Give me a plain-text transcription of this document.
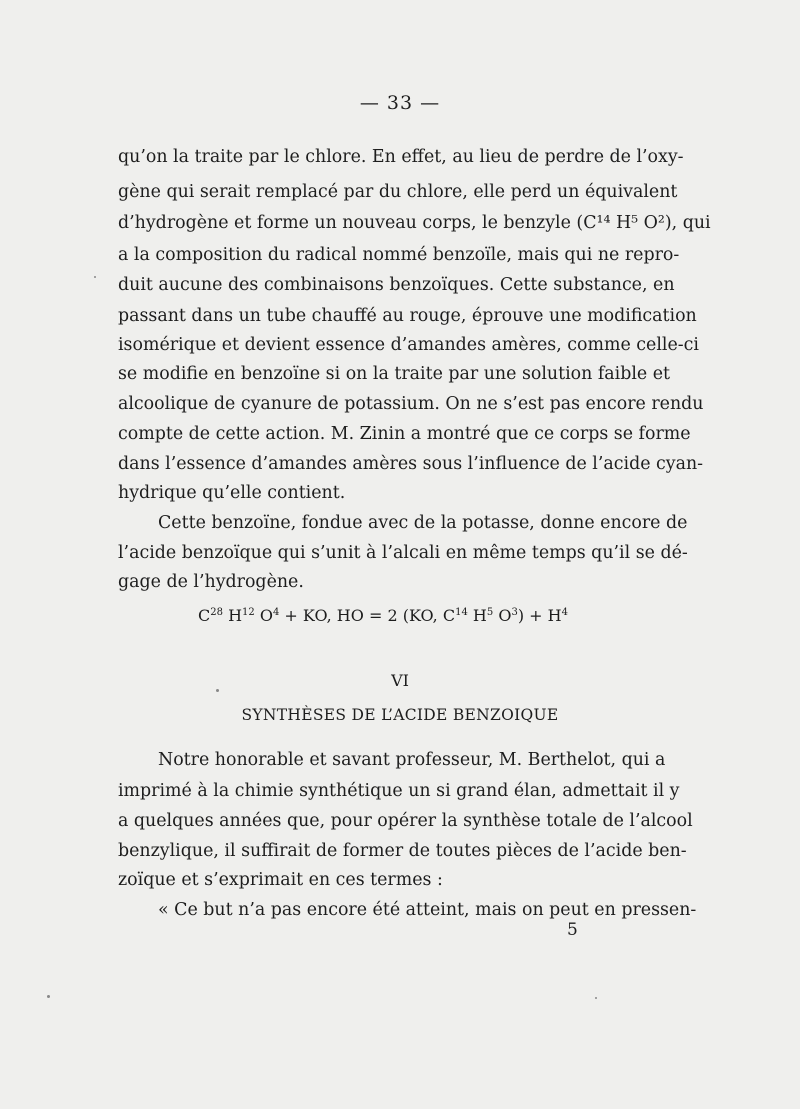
— 33 —
qu’on la traite par le chlore. En effet, au lieu de perdre de l’oxy-
gène qui serait remplacé par du chlore, elle perd un équivalent
d’hydrogène et forme un nouveau corps, le benzyle (C¹⁴ H⁵ O²), qui
a la composition du radical nommé benzoïle, mais qui ne repro-
duit aucune des combinaisons benzoïques. Cette substance, en
passant dans un tube chauffé au rouge, éprouve une modification
isomérique et devient essence d’amandes amères, comme celle-ci
se modifie en benzoïne si on la traite par une solution faible et
alcoolique de cyanure de potassium. On ne s’est pas encore rendu
compte de cette action. M. Zinin a montré que ce corps se forme
dans l’essence d’amandes amères sous l’influence de l’acide cyan-
hydrique qu’elle contient.
Cette benzoïne, fondue avec de la potasse, donne encore de
l’acide benzoïque qui s’unit à l’alcali en même temps qu’il se dé-
gage de l’hydrogène.
$C^{28}$ $H^{12}$ $O^4$ + KO, HO = 2 (KO, $C^{14}$ $H^5$ $O^3) + H^4$
VI
SYNTHÈSES DE L’ACIDE BENZOIQUE
Notre honorable et savant professeur, M. Berthelot, qui a
imprimé à la chimie synthétique un si grand élan, admettait il y
a quelques années que, pour opérer la synthèse totale de l’alcool
benzylique, il suffirait de former de toutes pièces de l’acide ben-
zoïque et s’exprimait en ces termes :
« Ce but n’a pas encore été atteint, mais on peut en pressen-
5
